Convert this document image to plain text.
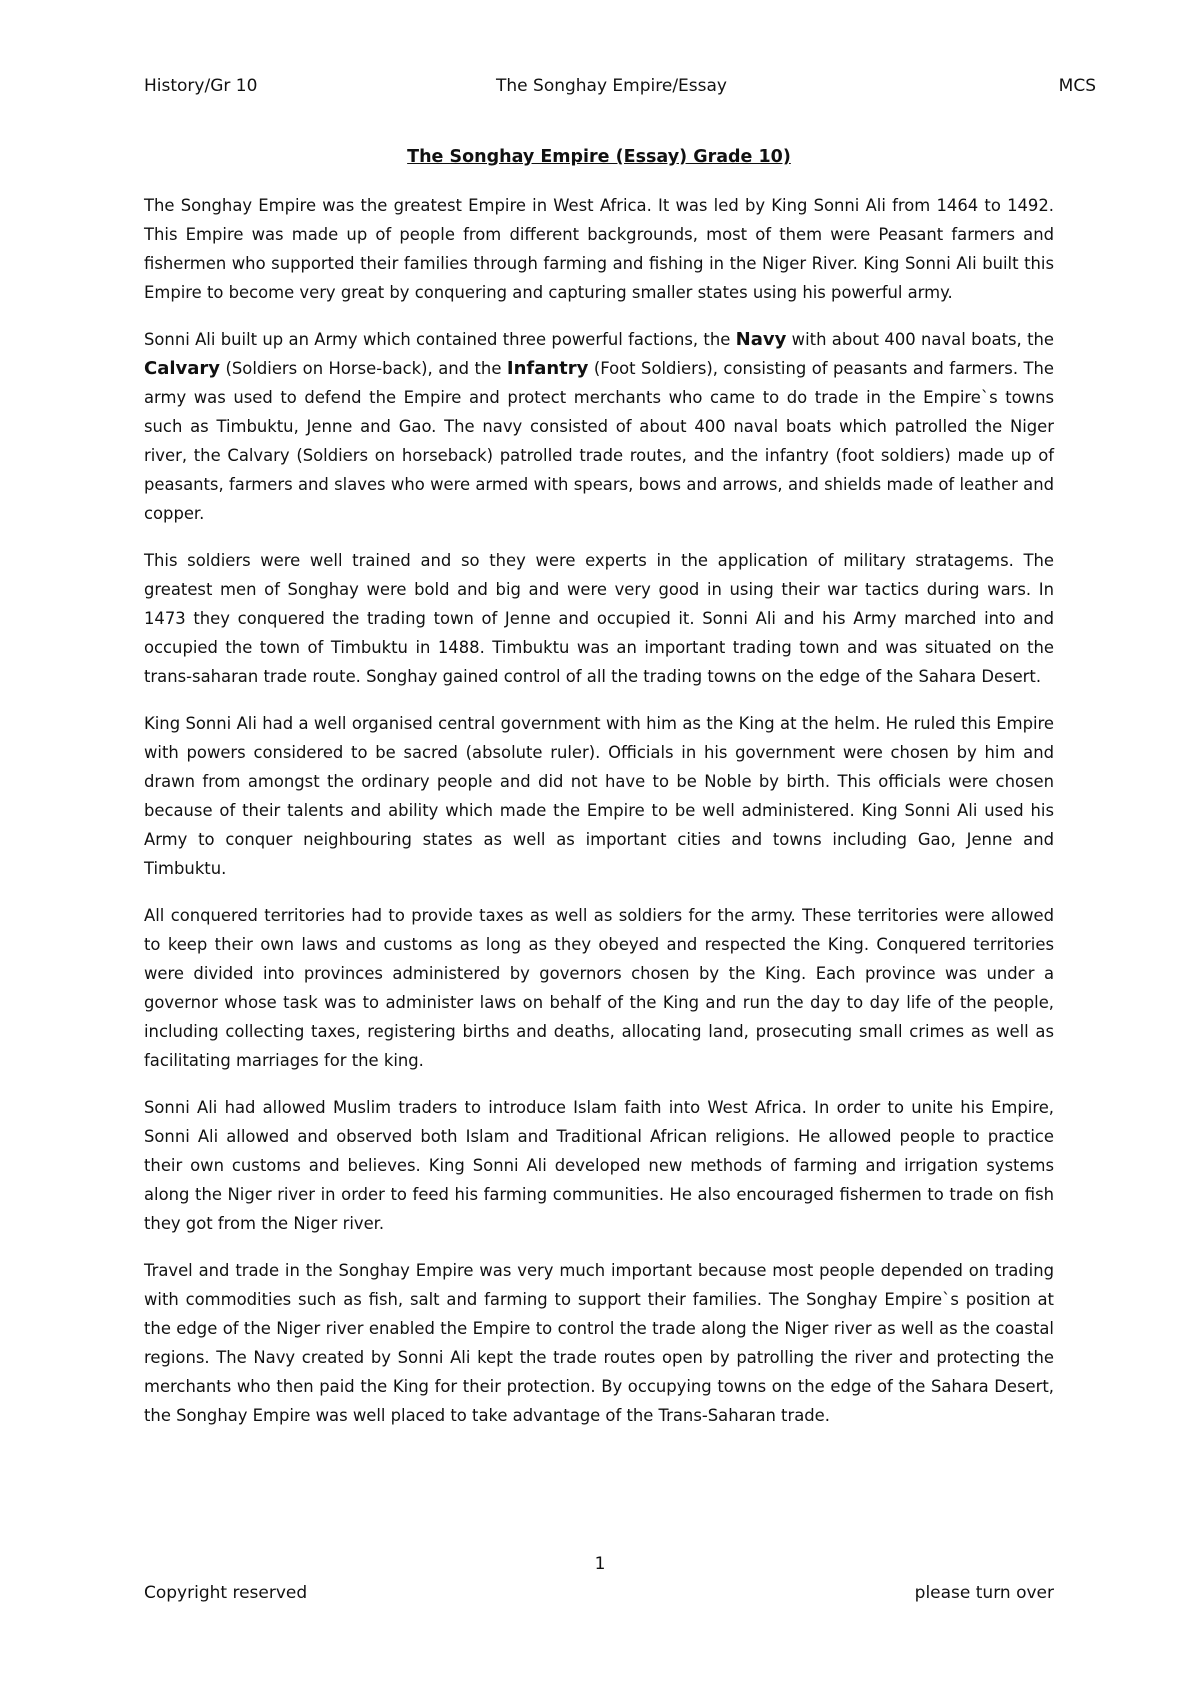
History/Gr 10	The Songhay Empire/Essay	MCS
The Songhay Empire (Essay) Grade 10)

The Songhay Empire was the greatest Empire in West Africa. It was led by King Sonni Ali from 1464 to 1492. This Empire was made up of people from different backgrounds, most of them were Peasant farmers and fishermen who supported their families through farming and fishing in the Niger River. King Sonni Ali built this Empire to become very great by conquering and capturing smaller states using his powerful army.

Sonni Ali built up an Army which contained three powerful factions, the Navy with about 400 naval boats, the Calvary (Soldiers on Horse-back), and the Infantry (Foot Soldiers), consisting of peasants and farmers. The army was used to defend the Empire and protect merchants who came to do trade in the Empire`s towns such as Timbuktu, Jenne and Gao. The navy consisted of about 400 naval boats which patrolled the Niger river, the Calvary (Soldiers on horseback) patrolled trade routes, and the infantry (foot soldiers) made up of peasants, farmers and slaves who were armed with spears, bows and arrows, and shields made of leather and copper.

This soldiers were well trained and so they were experts in the application of military stratagems. The greatest men of Songhay were bold and big and were very good in using their war tactics during wars. In 1473 they conquered the trading town of Jenne and occupied it. Sonni Ali and his Army marched into and occupied the town of Timbuktu in 1488. Timbuktu was an important trading town and was situated on the trans-saharan trade route. Songhay gained control of all the trading towns on the edge of the Sahara Desert.

King Sonni Ali had a well organised central government with him as the King at the helm. He ruled this Empire with powers considered to be sacred (absolute ruler). Officials in his government were chosen by him and drawn from amongst the ordinary people and did not have to be Noble by birth. This officials were chosen because of their talents and ability which made the Empire to be well administered. King Sonni Ali used his Army to conquer neighbouring states as well as important cities and towns including Gao, Jenne and Timbuktu.

All conquered territories had to provide taxes as well as soldiers for the army. These territories were allowed to keep their own laws and customs as long as they obeyed and respected the King. Conquered territories were divided into provinces administered by governors chosen by the King. Each province was under a governor whose task was to administer laws on behalf of the King and run the day to day life of the people, including collecting taxes, registering births and deaths, allocating land, prosecuting small crimes as well as facilitating marriages for the king.

Sonni Ali had allowed Muslim traders to introduce Islam faith into West Africa. In order to unite his Empire, Sonni Ali allowed and observed both Islam and Traditional African religions. He allowed people to practice their own customs and believes. King Sonni Ali developed new methods of farming and irrigation systems along the Niger river in order to feed his farming communities. He also encouraged fishermen to trade on fish they got from the Niger river.

Travel and trade in the Songhay Empire was very much important because most people depended on trading with commodities such as fish, salt and farming to support their families. The Songhay Empire`s position at the edge of the Niger river enabled the Empire to control the trade along the Niger river as well as the coastal regions. The Navy created by Sonni Ali kept the trade routes open by patrolling the river and protecting the merchants who then paid the King for their protection. By occupying towns on the edge of the Sahara Desert, the Songhay Empire was well placed to take advantage of the Trans-Saharan trade.

1
Copyright reserved	please turn over
